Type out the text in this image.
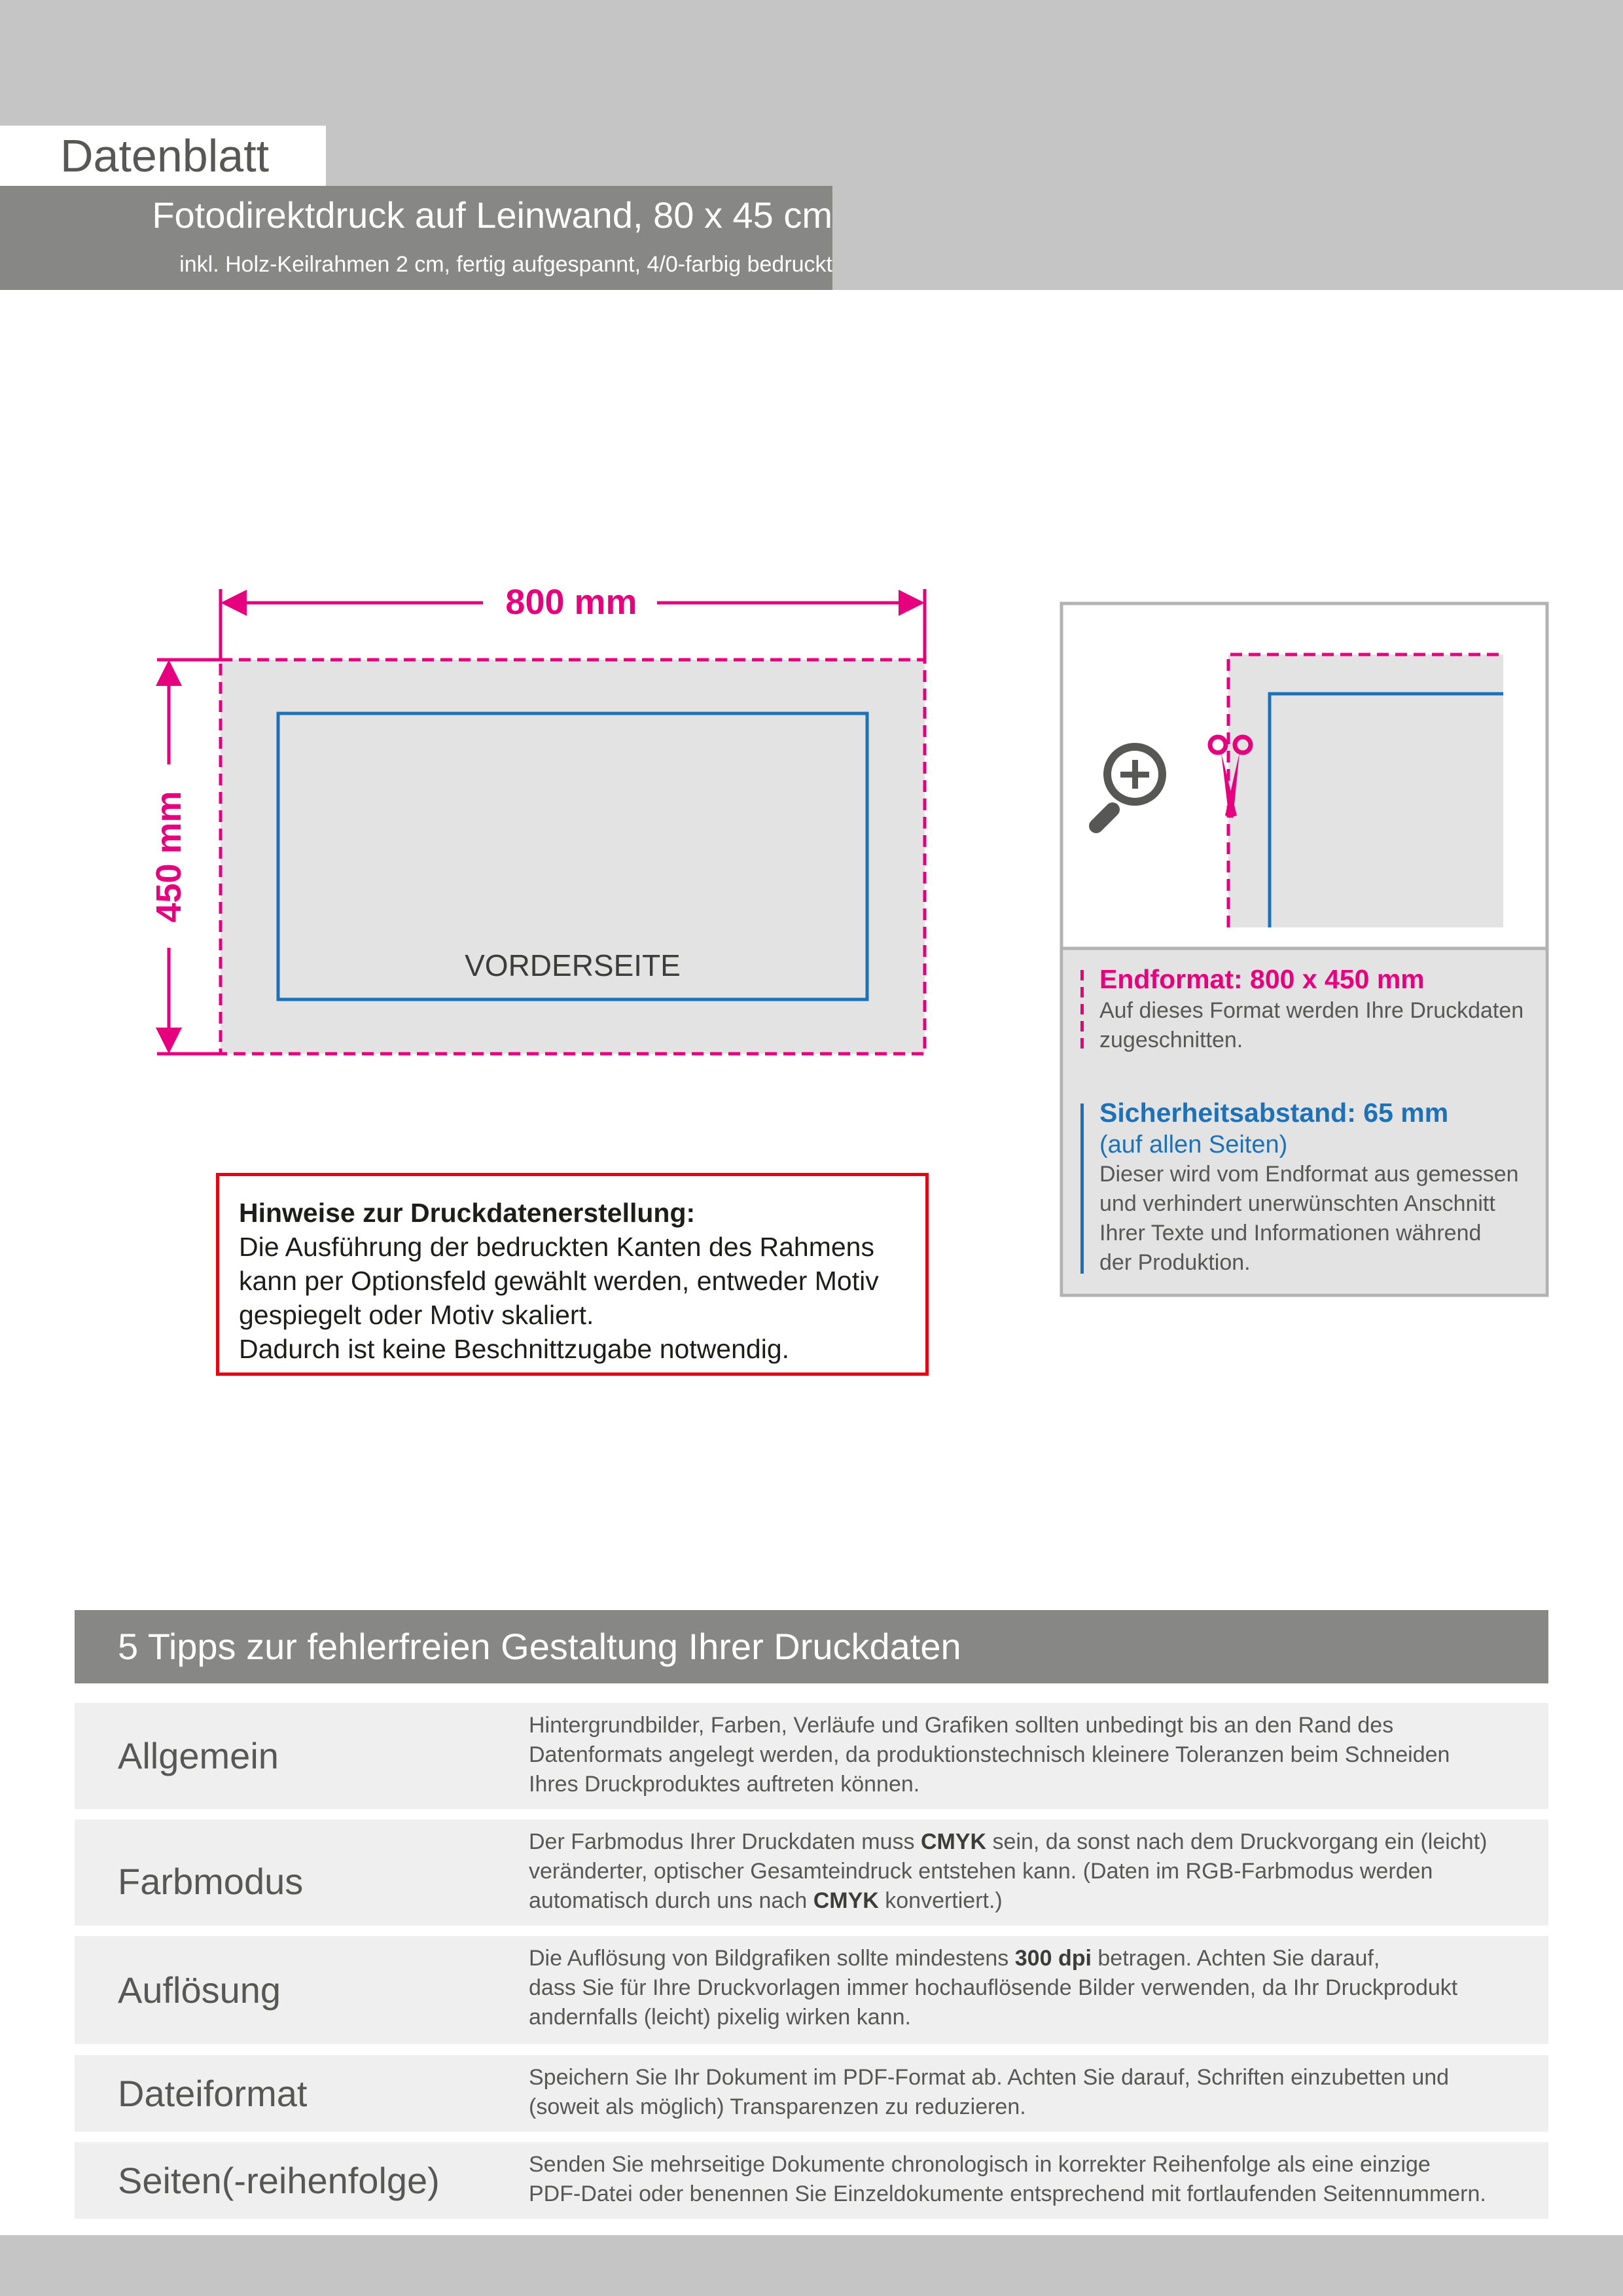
Datenblatt
Fotodirektdruck auf Leinwand, 80 x 45 cm
inkl. Holz-Keilrahmen 2 cm, fertig aufgespannt, 4/0-farbig bedruckt
800 mm
450 mm
VORDERSEITE
Hinweise zur Druckdatenerstellung:
Die Ausführung der bedruckten Kanten des Rahmens
kann per Optionsfeld gewählt werden, entweder Motiv
gespiegelt oder Motiv skaliert.
Dadurch ist keine Beschnittzugabe notwendig.
Endformat: 800 x 450 mm
Auf dieses Format werden Ihre Druckdaten
zugeschnitten.
Sicherheitsabstand: 65 mm
(auf allen Seiten)
Dieser wird vom Endformat aus gemessen
und verhindert unerwünschten Anschnitt
Ihrer Texte und Informationen während
der Produktion.
5 Tipps zur fehlerfreien Gestaltung Ihrer Druckdaten
Allgemein
Hintergrundbilder, Farben, Verläufe und Grafiken sollten unbedingt bis an den Rand des
Datenformats angelegt werden, da produktionstechnisch kleinere Toleranzen beim Schneiden
Ihres Druckproduktes auftreten können.
Farbmodus
Der Farbmodus Ihrer Druckdaten muss CMYK sein, da sonst nach dem Druckvorgang ein (leicht)
veränderter, optischer Gesamteindruck entstehen kann. (Daten im RGB-Farbmodus werden
automatisch durch uns nach CMYK konvertiert.)
Auflösung
Die Auflösung von Bildgrafiken sollte mindestens 300 dpi betragen. Achten Sie darauf,
dass Sie für Ihre Druckvorlagen immer hochauflösende Bilder verwenden, da Ihr Druckprodukt
andernfalls (leicht) pixelig wirken kann.
Dateiformat	Speichern Sie Ihr Dokument im PDF-Format ab. Achten Sie darauf, Schriften einzubetten und
(soweit als möglich) Transparenzen zu reduzieren.
Seiten(-reihenfolge)	Senden Sie mehrseitige Dokumente chronologisch in korrekter Reihenfolge als eine einzige
PDF-Datei oder benennen Sie Einzeldokumente entsprechend mit fortlaufenden Seitennummern.
